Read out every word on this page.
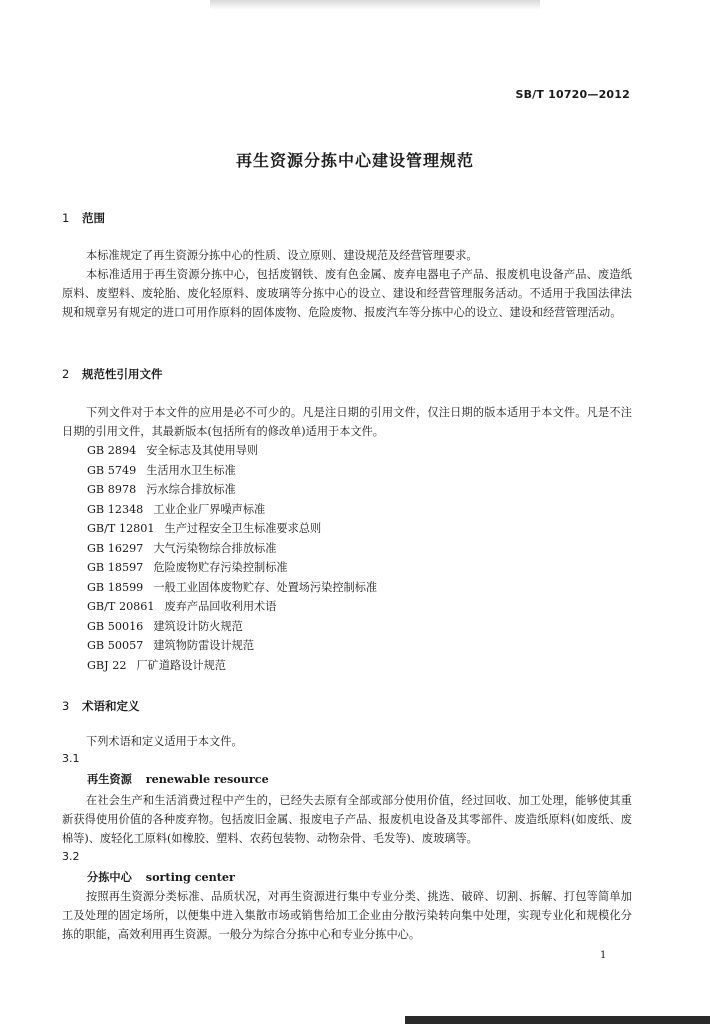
SB/T 10720—2012
再生资源分拣中心建设管理规范
1 范围

本标准规定了再生资源分拣中心的性质、设立原则、建设规范及经营管理要求。

本标准适用于再生资源分拣中心，包括废钢铁、废有色金属、废弃电器电子产品、报废机电设备产品、废造纸原料、废塑料、废轮胎、废化轻原料、废玻璃等分拣中心的设立、建设和经营管理服务活动。不适用于我国法律法规和规章另有规定的进口可用作原料的固体废物、危险废物、报废汽车等分拣中心的设立、建设和经营管理活动。

2 规范性引用文件

下列文件对于本文件的应用是必不可少的。凡是注日期的引用文件，仅注日期的版本适用于本文件。凡是不注日期的引用文件，其最新版本(包括所有的修改单)适用于本文件。

GB 2894 安全标志及其使用导则
GB 5749 生活用水卫生标准
GB 8978 污水综合排放标准
GB 12348 工业企业厂界噪声标准
GB/T 12801 生产过程安全卫生标准要求总则
GB 16297 大气污染物综合排放标准
GB 18597 危险废物贮存污染控制标准
GB 18599 一般工业固体废物贮存、处置场污染控制标准
GB/T 20861 废弃产品回收利用术语
GB 50016 建筑设计防火规范
GB 50057 建筑物防雷设计规范
GBJ 22 厂矿道路设计规范
3 术语和定义

下列术语和定义适用于本文件。

3.1
再生资源 renewable resource

在社会生产和生活消费过程中产生的，已经失去原有全部或部分使用价值，经过回收、加工处理，能够使其重新获得使用价值的各种废弃物。包括废旧金属、报废电子产品、报废机电设备及其零部件、废造纸原料(如废纸、废棉等)、废轻化工原料(如橡胶、塑料、农药包装物、动物杂骨、毛发等)、废玻璃等。

3.2
分拣中心 sorting center

按照再生资源分类标准、品质状况，对再生资源进行集中专业分类、挑选、破碎、切割、拆解、打包等简单加工及处理的固定场所，以便集中进入集散市场或销售给加工企业由分散污染转向集中处理，实现专业化和规模化分拣的职能，高效利用再生资源。一般分为综合分拣中心和专业分拣中心。

1
